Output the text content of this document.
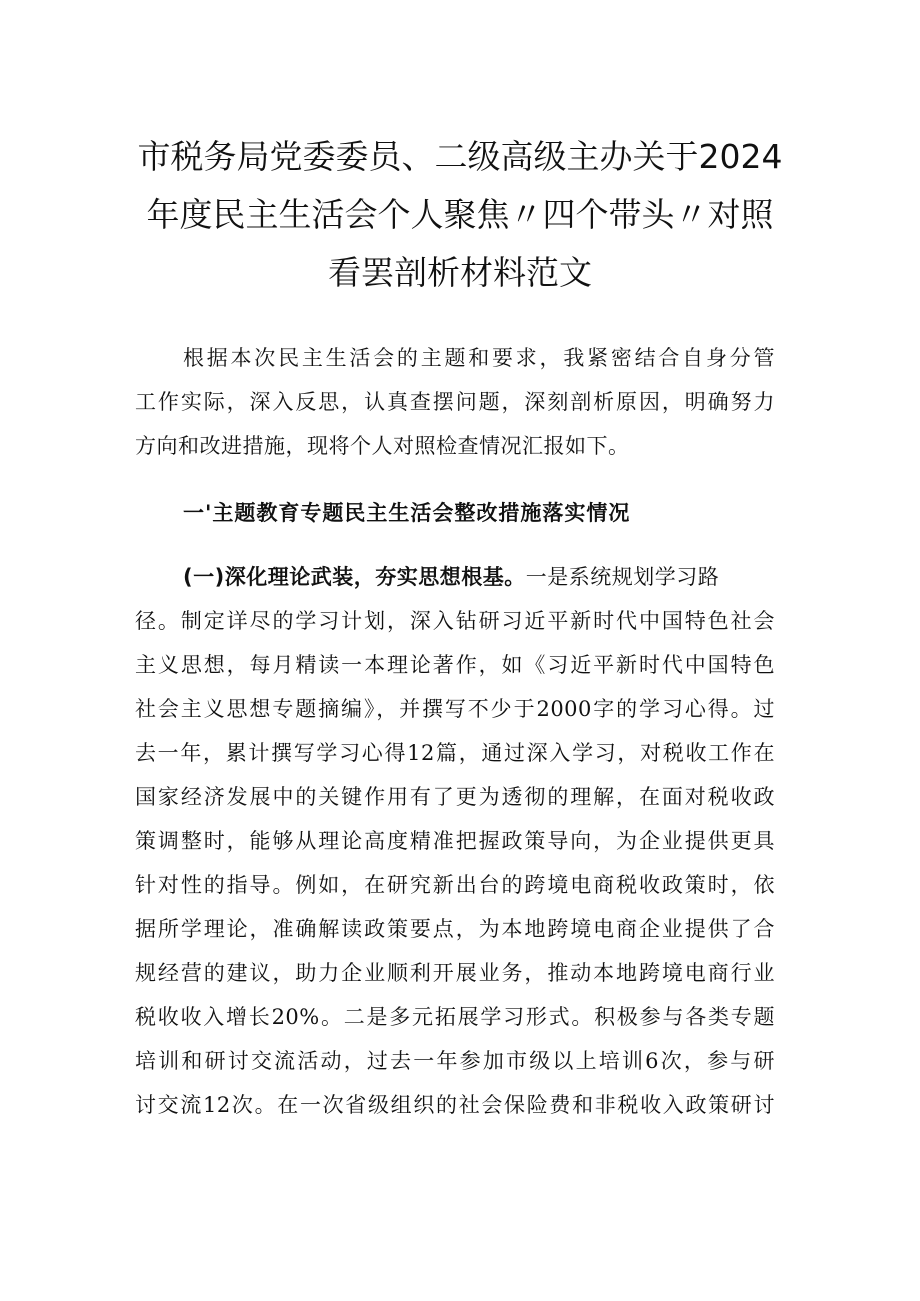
市税务局党委委员、二级高级主办关于2024
年度民主生活会个人聚焦〃四个带头〃对照
看罢剖析材料范文
根据本次民主生活会的主题和要求，我紧密结合自身分管
工作实际，深入反思，认真查摆问题，深刻剖析原因，明确努力
方向和改进措施，现将个人对照检查情况汇报如下。
一'主题教育专题民主生活会整改措施落实情况
(一)深化理论武装，夯实思想根基。一是系统规划学习路
径。制定详尽的学习计划，深入钻研习近平新时代中国特色社会
主义思想，每月精读一本理论著作，如《习近平新时代中国特色
社会主义思想专题摘编》，并撰写不少于2000字的学习心得。过
去一年，累计撰写学习心得12篇，通过深入学习，对税收工作在
国家经济发展中的关键作用有了更为透彻的理解，在面对税收政
策调整时，能够从理论高度精准把握政策导向，为企业提供更具
针对性的指导。例如，在研究新出台的跨境电商税收政策时，依
据所学理论，准确解读政策要点，为本地跨境电商企业提供了合
规经营的建议，助力企业顺利开展业务，推动本地跨境电商行业
税收收入增长20%。二是多元拓展学习形式。积极参与各类专题
培训和研讨交流活动，过去一年参加市级以上培训6次，参与研
讨交流12次。在一次省级组织的社会保险费和非税收入政策研讨
